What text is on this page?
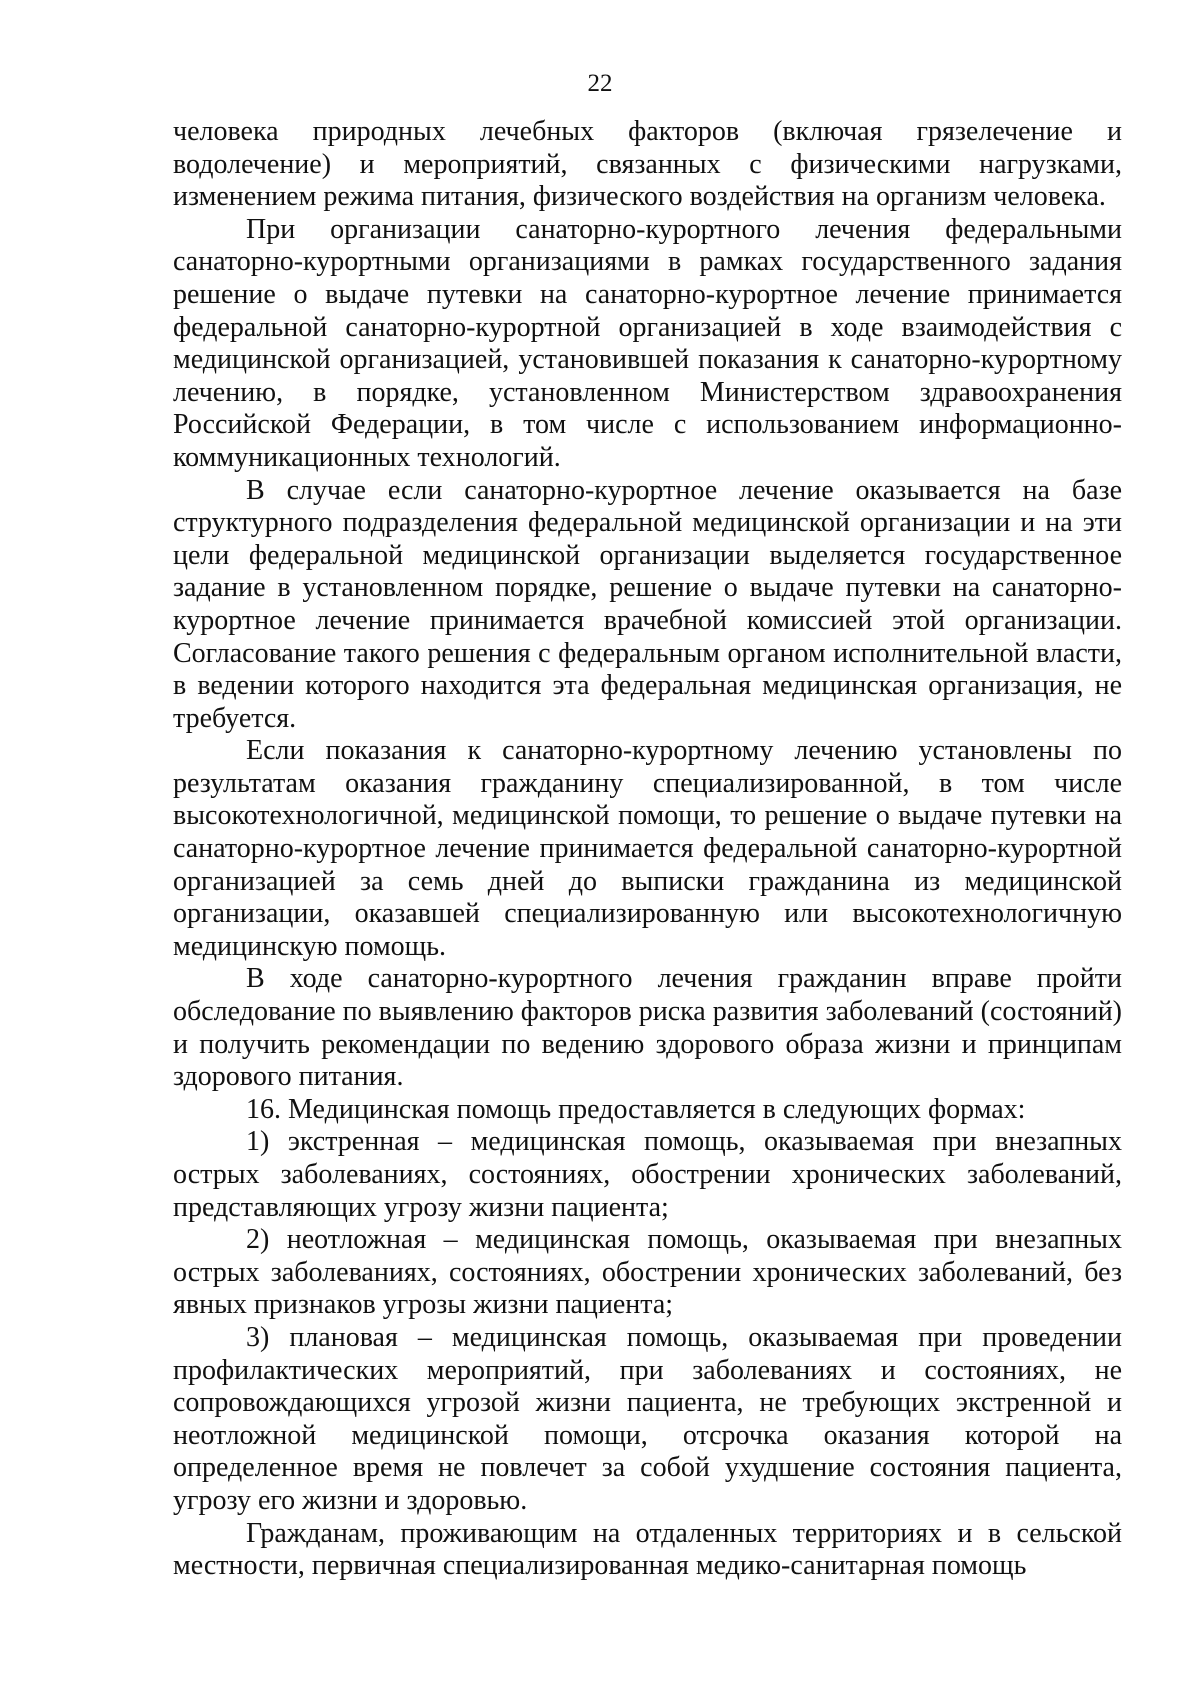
22

человека природных лечебных факторов (включая грязелечение и водолечение) и мероприятий, связанных с физическими нагрузками, изменением режима питания, физического воздействия на организм человека.

При организации санаторно-курортного лечения федеральными санаторно-курортными организациями в рамках государственного задания решение о выдаче путевки на санаторно-курортное лечение принимается федеральной санаторно-курортной организацией в ходе взаимодействия с медицинской организацией, установившей показания к санаторно-курортному лечению, в порядке, установленном Министерством здравоохранения Российской Федерации, в том числе с использованием информационно-коммуникационных технологий.

В случае если санаторно-курортное лечение оказывается на базе структурного подразделения федеральной медицинской организации и на эти цели федеральной медицинской организации выделяется государственное задание в установленном порядке, решение о выдаче путевки на санаторно-курортное лечение принимается врачебной комиссией этой организации. Согласование такого решения с федеральным органом исполнительной власти, в ведении которого находится эта федеральная медицинская организация, не требуется.

Если показания к санаторно-курортному лечению установлены по результатам оказания гражданину специализированной, в том числе высокотехнологичной, медицинской помощи, то решение о выдаче путевки на санаторно-курортное лечение принимается федеральной санаторно-курортной организацией за семь дней до выписки гражданина из медицинской организации, оказавшей специализированную или высокотехнологичную медицинскую помощь.

В ходе санаторно-курортного лечения гражданин вправе пройти обследование по выявлению факторов риска развития заболеваний (состояний) и получить рекомендации по ведению здорового образа жизни и принципам здорового питания.

16. Медицинская помощь предоставляется в следующих формах:

1) экстренная – медицинская помощь, оказываемая при внезапных острых заболеваниях, состояниях, обострении хронических заболеваний, представляющих угрозу жизни пациента;

2) неотложная – медицинская помощь, оказываемая при внезапных острых заболеваниях, состояниях, обострении хронических заболеваний, без явных признаков угрозы жизни пациента;

3) плановая – медицинская помощь, оказываемая при проведении профилактических мероприятий, при заболеваниях и состояниях, не сопровождающихся угрозой жизни пациента, не требующих экстренной и неотложной медицинской помощи, отсрочка оказания которой на определенное время не повлечет за собой ухудшение состояния пациента, угрозу его жизни и здоровью.

Гражданам, проживающим на отдаленных территориях и в сельской местности, первичная специализированная медико-санитарная помощь
